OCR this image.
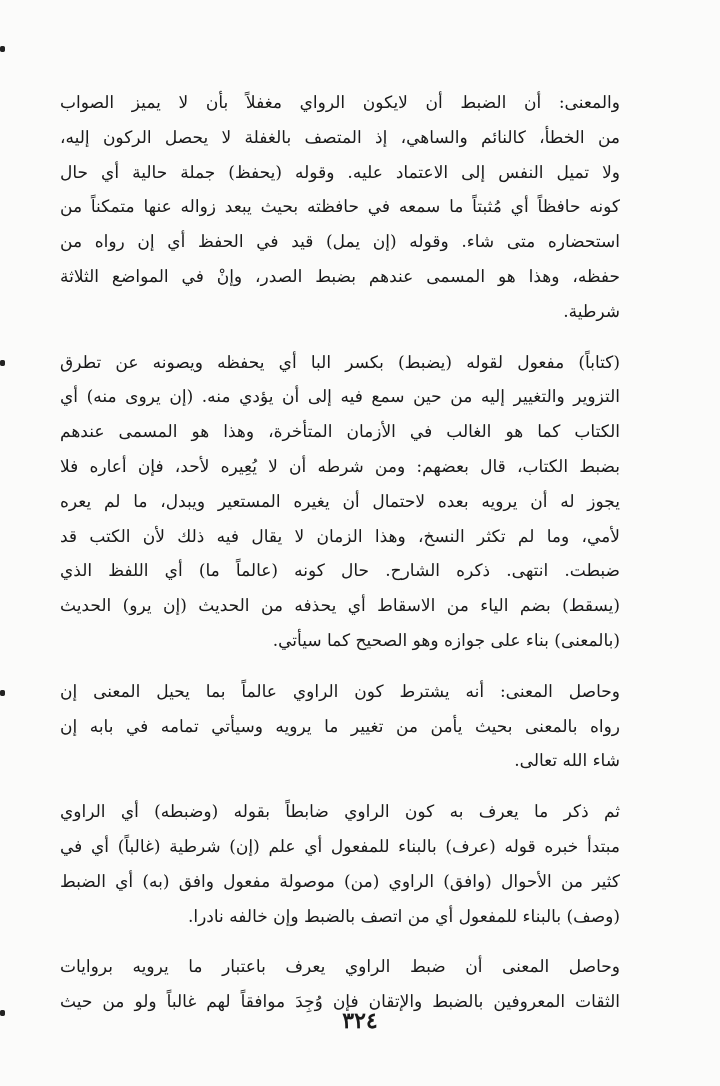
والمعنى: أن الضبط أن لايكون الرواي مغفلاً بأن لا يميز الصواب
من الخطأ، كالنائم والساهي، إذ المتصف بالغفلة لا يحصل الركون إليه،
ولا تميل النفس إلى الاعتماد عليه. وقوله (يحفظ) جملة حالية أي حال
كونه حافظاً أي مُثبتاً ما سمعه في حافظته بحيث يبعد زواله عنها متمكناً من
استحضاره متى شاء. وقوله (إن يمل) قيد في الحفظ أي إن رواه من
حفظه، وهذا هو المسمى عندهم بضبط الصدر، وإنْ في المواضع الثلاثة
شرطية.
(كتاباً) مفعول لقوله (يضبط) بكسر البا أي يحفظه ويصونه عن تطرق
التزوير والتغيير إليه من حين سمع فيه إلى أن يؤدي منه. (إن يروى منه) أي
الكتاب كما هو الغالب في الأزمان المتأخرة، وهذا هو المسمى عندهم
بضبط الكتاب، قال بعضهم: ومن شرطه أن لا يُعِيره لأحد، فإن أعاره فلا
يجوز له أن يرويه بعده لاحتمال أن يغيره المستعير ويبدل، ما لم يعره
لأمي، وما لم تكثر النسخ، وهذا الزمان لا يقال فيه ذلك لأن الكتب قد
ضبطت. انتهى. ذكره الشارح. حال كونه (عالماً ما) أي اللفظ الذي
(يسقط) بضم الياء من الاسقاط أي يحذفه من الحديث (إن يرو) الحديث
(بالمعنى) بناء على جوازه وهو الصحيح كما سيأتي.
وحاصل المعنى: أنه يشترط كون الراوي عالماً بما يحيل المعنى إن
رواه بالمعنى بحيث يأمن من تغيير ما يرويه وسيأتي تمامه في بابه إن
شاء الله تعالى.
ثم ذكر ما يعرف به كون الراوي ضابطاً بقوله (وضبطه) أي الراوي
مبتدأ خبره قوله (عرف) بالبناء للمفعول أي علم (إن) شرطية (غالباً) أي في
كثير من الأحوال (وافق) الراوي (من) موصولة مفعول وافق (به) أي الضبط
(وصف) بالبناء للمفعول أي من اتصف بالضبط وإن خالفه نادرا.
وحاصل المعنى أن ضبط الراوي يعرف باعتبار ما يرويه بروايات
الثقات المعروفين بالضبط والإتقان فإن وُجِدَ موافقاً لهم غالباً ولو من حيث
٣٢٤
